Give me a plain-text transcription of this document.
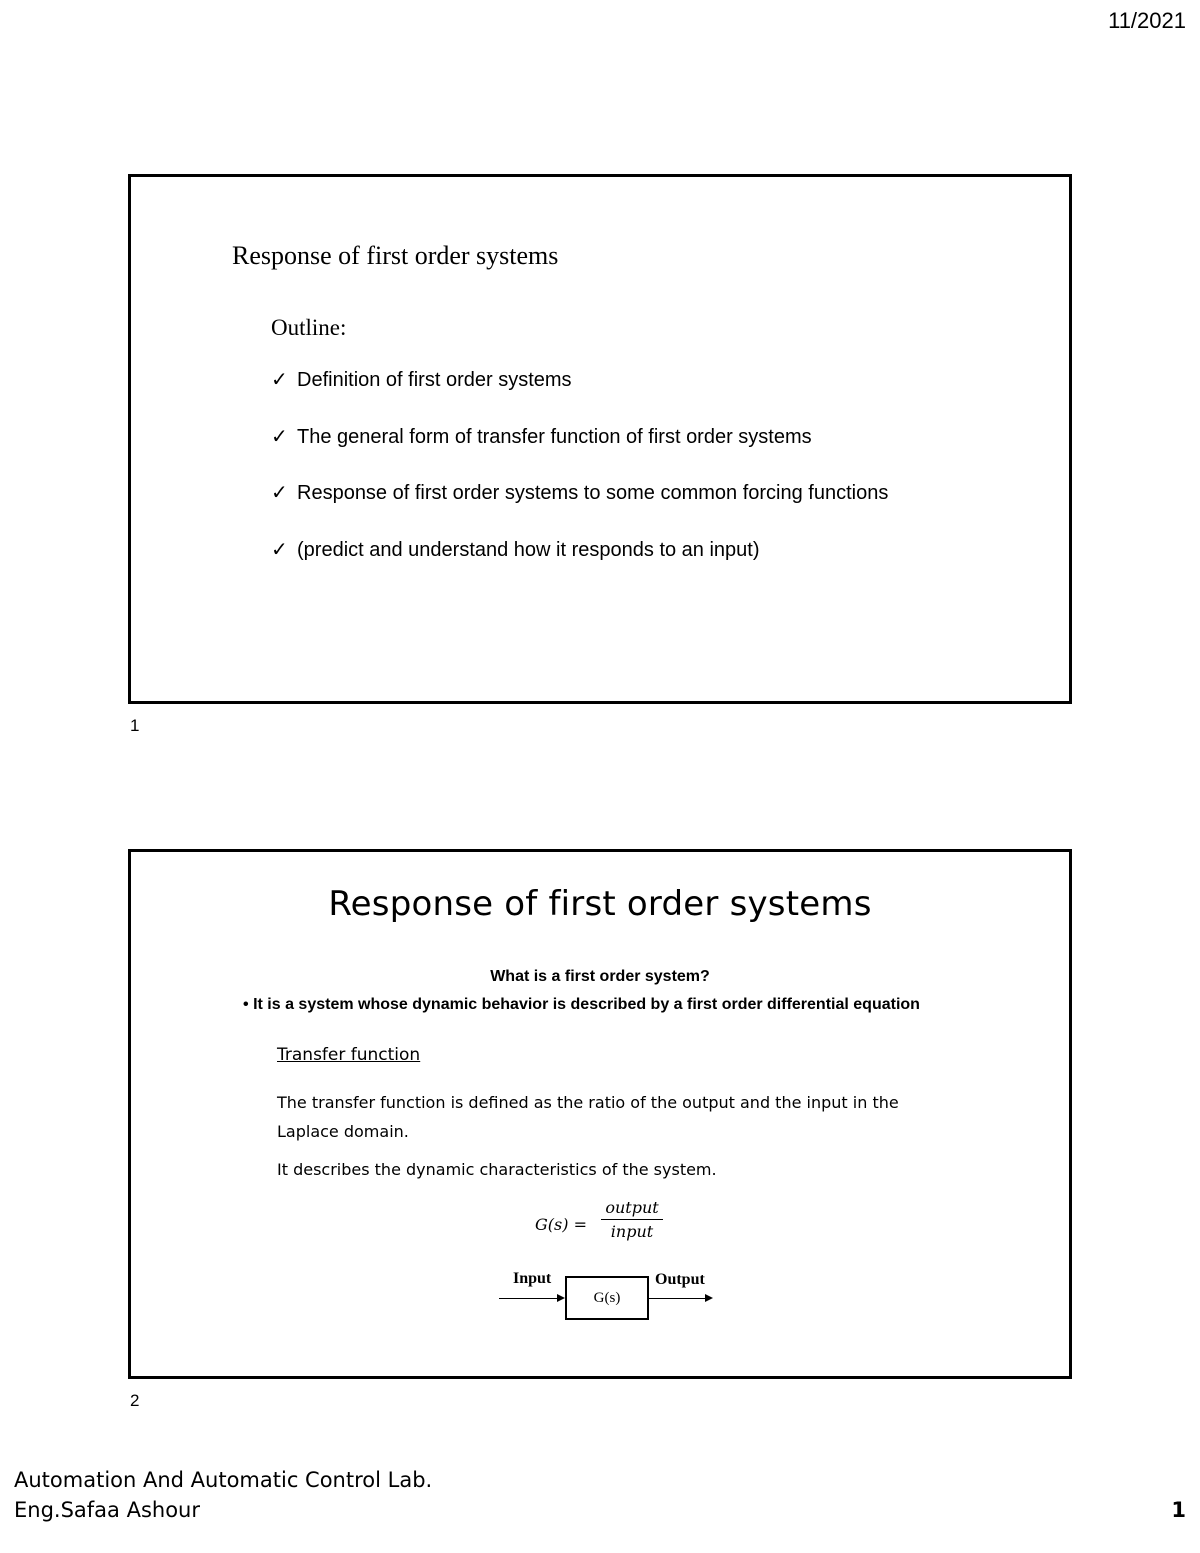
11/2021
Response of first order systems
Outline:
✓ Definition of first order systems
✓ The general form of transfer function of first order systems
✓ Response of first order systems to some common forcing functions
✓ (predict and understand how it responds to an input)
1
Response of first order systems
What is a first order system?
• It is a system whose dynamic behavior is described by a first order differential equation
Transfer function
The transfer function is defined as the ratio of the output and the input in the Laplace domain.
It describes the dynamic characteristics of the system.
G(s) =
output
input
Input
G(s)
Output
2
Automation And Automatic Control Lab.
Eng.Safaa Ashour	1
